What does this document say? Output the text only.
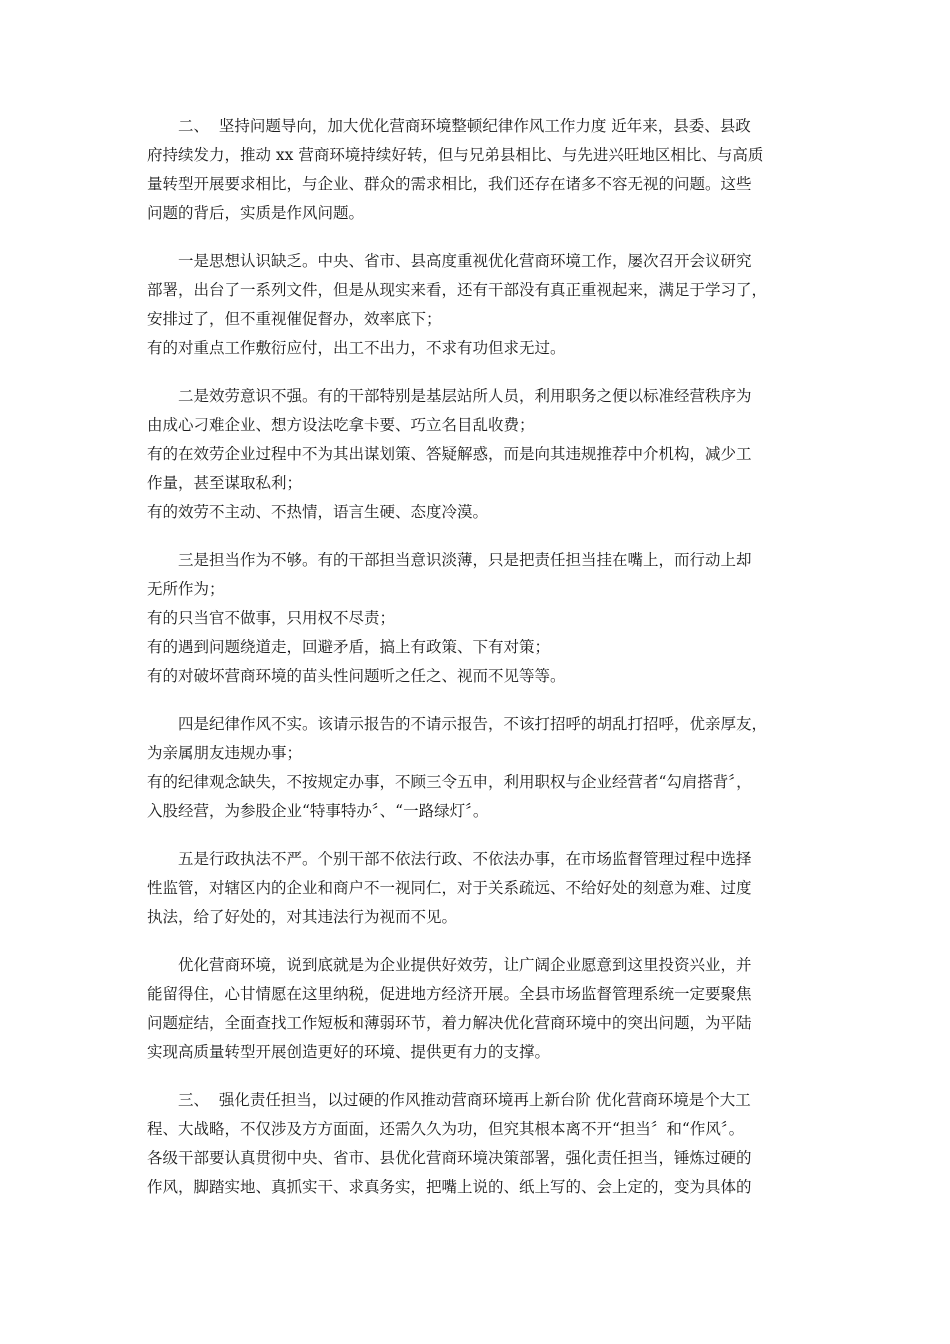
二、  坚持问题导向，加大优化营商环境整顿纪律作风工作力度 近年来，县委、县政
府持续发力，推动 xx 营商环境持续好转，但与兄弟县相比、与先进兴旺地区相比、与高质
量转型开展要求相比，与企业、群众的需求相比，我们还存在诸多不容无视的问题。这些
问题的背后，实质是作风问题。
一是思想认识缺乏。中央、省市、县高度重视优化营商环境工作，屡次召开会议研究
部署，出台了一系列文件，但是从现实来看，还有干部没有真正重视起来，满足于学习了，
安排过了，但不重视催促督办，效率底下；
有的对重点工作敷衍应付，出工不出力，不求有功但求无过。
二是效劳意识不强。有的干部特别是基层站所人员，利用职务之便以标准经营秩序为
由成心刁难企业、想方设法吃拿卡要、巧立名目乱收费；
有的在效劳企业过程中不为其出谋划策、答疑解惑，而是向其违规推荐中介机构，减少工
作量，甚至谋取私利；
有的效劳不主动、不热情，语言生硬、态度冷漠。
三是担当作为不够。有的干部担当意识淡薄，只是把责任担当挂在嘴上，而行动上却
无所作为；
有的只当官不做事，只用权不尽责；
有的遇到问题绕道走，回避矛盾，搞上有政策、下有对策；
有的对破坏营商环境的苗头性问题听之任之、视而不见等等。
四是纪律作风不实。该请示报告的不请示报告，不该打招呼的胡乱打招呼，优亲厚友，
为亲属朋友违规办事；
有的纪律观念缺失，不按规定办事，不顾三令五申，利用职权与企业经营者“勾肩搭背〞，
入股经营，为参股企业“特事特办〞、“一路绿灯〞。
五是行政执法不严。个别干部不依法行政、不依法办事，在市场监督管理过程中选择
性监管，对辖区内的企业和商户不一视同仁，对于关系疏远、不给好处的刻意为难、过度
执法，给了好处的，对其违法行为视而不见。
优化营商环境，说到底就是为企业提供好效劳，让广阔企业愿意到这里投资兴业，并
能留得住，心甘情愿在这里纳税，促进地方经济开展。全县市场监督管理系统一定要聚焦
问题症结，全面查找工作短板和薄弱环节，着力解决优化营商环境中的突出问题，为平陆
实现高质量转型开展创造更好的环境、提供更有力的支撑。
三、  强化责任担当，以过硬的作风推动营商环境再上新台阶 优化营商环境是个大工
程、大战略，不仅涉及方方面面，还需久久为功，但究其根本离不开“担当〞和“作风〞。
各级干部要认真贯彻中央、省市、县优化营商环境决策部署，强化责任担当，锤炼过硬的
作风，脚踏实地、真抓实干、求真务实，把嘴上说的、纸上写的、会上定的，变为具体的
